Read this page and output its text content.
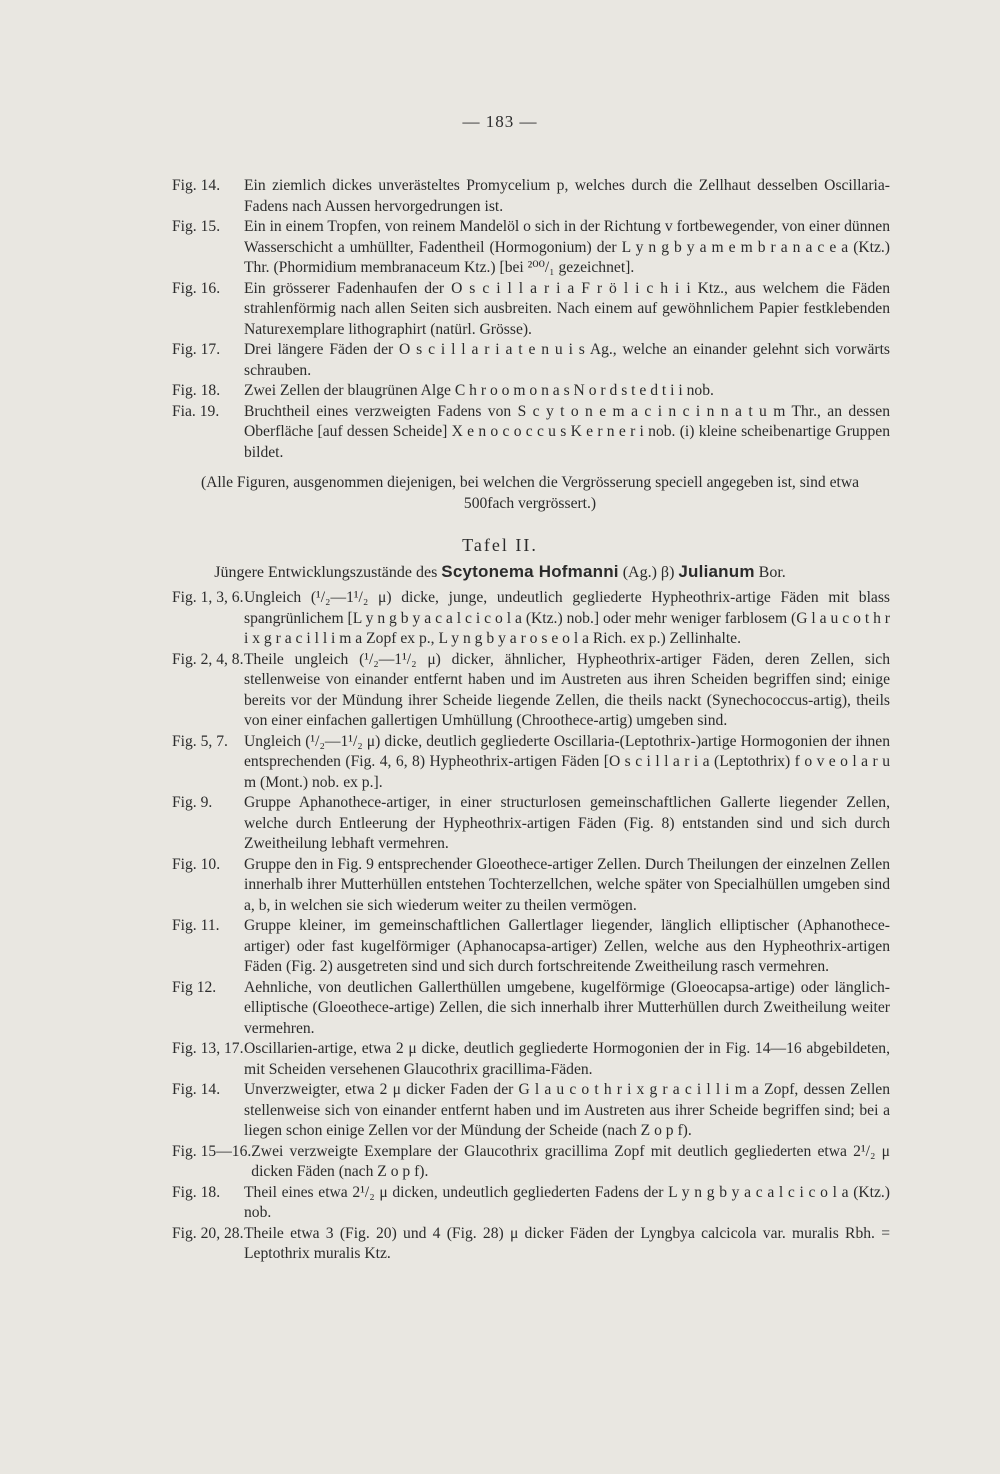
— 183 —
Fig. 14.	Ein ziemlich dickes unverästeltes Promycelium p, welches durch die Zellhaut desselben Oscillaria-Fadens nach Aussen hervorgedrungen ist.
Fig. 15.	Ein in einem Tropfen, von reinem Mandelöl o sich in der Richtung v fortbewegender, von einer dünnen Wasserschicht a umhüllter, Fadentheil (Hormogonium) der L y n g b y a m e m b r a n a c e a (Ktz.) Thr. (Phormidium membranaceum Ktz.) [bei ²⁰⁰/₁ gezeichnet].
Fig. 16.	Ein grösserer Fadenhaufen der O s c i l l a r i a F r ö l i c h i i Ktz., aus welchem die Fäden strahlenförmig nach allen Seiten sich ausbreiten. Nach einem auf gewöhnlichem Papier festklebenden Naturexemplare lithographirt (natürl. Grösse).
Fig. 17.	Drei längere Fäden der O s c i l l a r i a t e n u i s Ag., welche an einander gelehnt sich vorwärts schrauben.
Fig. 18.	Zwei Zellen der blaugrünen Alge C h r o o m o n a s N o r d s t e d t i i nob.
Fia. 19.	Bruchtheil eines verzweigten Fadens von S c y t o n e m a c i n c i n n a t u m Thr., an dessen Oberfläche [auf dessen Scheide] X e n o c o c c u s K e r n e r i nob. (i) kleine scheibenartige Gruppen bildet.
(Alle Figuren, ausgenommen diejenigen, bei welchen die Vergrösserung speciell angegeben ist, sind etwa 500fach vergrössert.)
Tafel II.
Jüngere Entwicklungszustände des Scytonema Hofmanni (Ag.) β) Julianum Bor.
Fig. 1, 3, 6. Ungleich (¹/₂—1¹/₂ μ) dicke, junge, undeutlich gegliederte Hypheothrix-artige Fäden mit blass spangrünlichem [L y n g b y a c a l c i c o l a (Ktz.) nob.] oder mehr weniger farblosem (G l a u c o t h r i x g r a c i l l i m a Zopf ex p., L y n g b y a r o s e o l a Rich. ex p.) Zellinhalte.
Fig. 2, 4, 8. Theile ungleich (¹/₂—1¹/₂ μ) dicker, ähnlicher, Hypheothrix-artiger Fäden, deren Zellen, sich stellenweise von einander entfernt haben und im Austreten aus ihren Scheiden begriffen sind; einige bereits vor der Mündung ihrer Scheide liegende Zellen, die theils nackt (Synechococcus-artig), theils von einer einfachen gallertigen Umhüllung (Chroothece-artig) umgeben sind.
Fig. 5, 7.	Ungleich (¹/₂—1¹/₂ μ) dicke, deutlich gegliederte Oscillaria-(Leptothrix-)artige Hormogonien der ihnen entsprechenden (Fig. 4, 6, 8) Hypheothrix-artigen Fäden [O s c i l l a r i a (Leptothrix) f o v e o l a r u m (Mont.) nob. ex p.].
Fig. 9.	Gruppe Aphanothece-artiger, in einer structurlosen gemeinschaftlichen Gallerte liegender Zellen, welche durch Entleerung der Hypheothrix-artigen Fäden (Fig. 8) entstanden sind und sich durch Zweitheilung lebhaft vermehren.
Fig. 10.	Gruppe den in Fig. 9 entsprechender Gloeothece-artiger Zellen. Durch Theilungen der einzelnen Zellen innerhalb ihrer Mutterhüllen entstehen Tochterzellchen, welche später von Specialhüllen umgeben sind a, b, in welchen sie sich wiederum weiter zu theilen vermögen.
Fig. 11.	Gruppe kleiner, im gemeinschaftlichen Gallertlager liegender, länglich elliptischer (Aphanothece-artiger) oder fast kugelförmiger (Aphanocapsa-artiger) Zellen, welche aus den Hypheothrix-artigen Fäden (Fig. 2) ausgetreten sind und sich durch fortschreitende Zweitheilung rasch vermehren.
Fig 12.	Aehnliche, von deutlichen Gallerthüllen umgebene, kugelförmige (Gloeocapsa-artige) oder länglich-elliptische (Gloeothece-artige) Zellen, die sich innerhalb ihrer Mutterhüllen durch Zweitheilung weiter vermehren.
Fig. 13, 17. Oscillarien-artige, etwa 2 μ dicke, deutlich gegliederte Hormogonien der in Fig. 14—16 abgebildeten, mit Scheiden versehenen Glaucothrix gracillima-Fäden.
Fig. 14.	Unverzweigter, etwa 2 μ dicker Faden der G l a u c o t h r i x g r a c i l l i m a Zopf, dessen Zellen stellenweise sich von einander entfernt haben und im Austreten aus ihrer Scheide begriffen sind; bei a liegen schon einige Zellen vor der Mündung der Scheide (nach Z o p f).
Fig. 15—16. Zwei verzweigte Exemplare der Glaucothrix gracillima Zopf mit deutlich gegliederten etwa 2¹/₂ μ dicken Fäden (nach Z o p f).
Fig. 18.	Theil eines etwa 2¹/₂ μ dicken, undeutlich gegliederten Fadens der L y n g b y a c a l c i c o l a (Ktz.) nob.
Fig. 20, 28. Theile etwa 3 (Fig. 20) und 4 (Fig. 28) μ dicker Fäden der Lyngbya calcicola var. muralis Rbh. = Leptothrix muralis Ktz.
